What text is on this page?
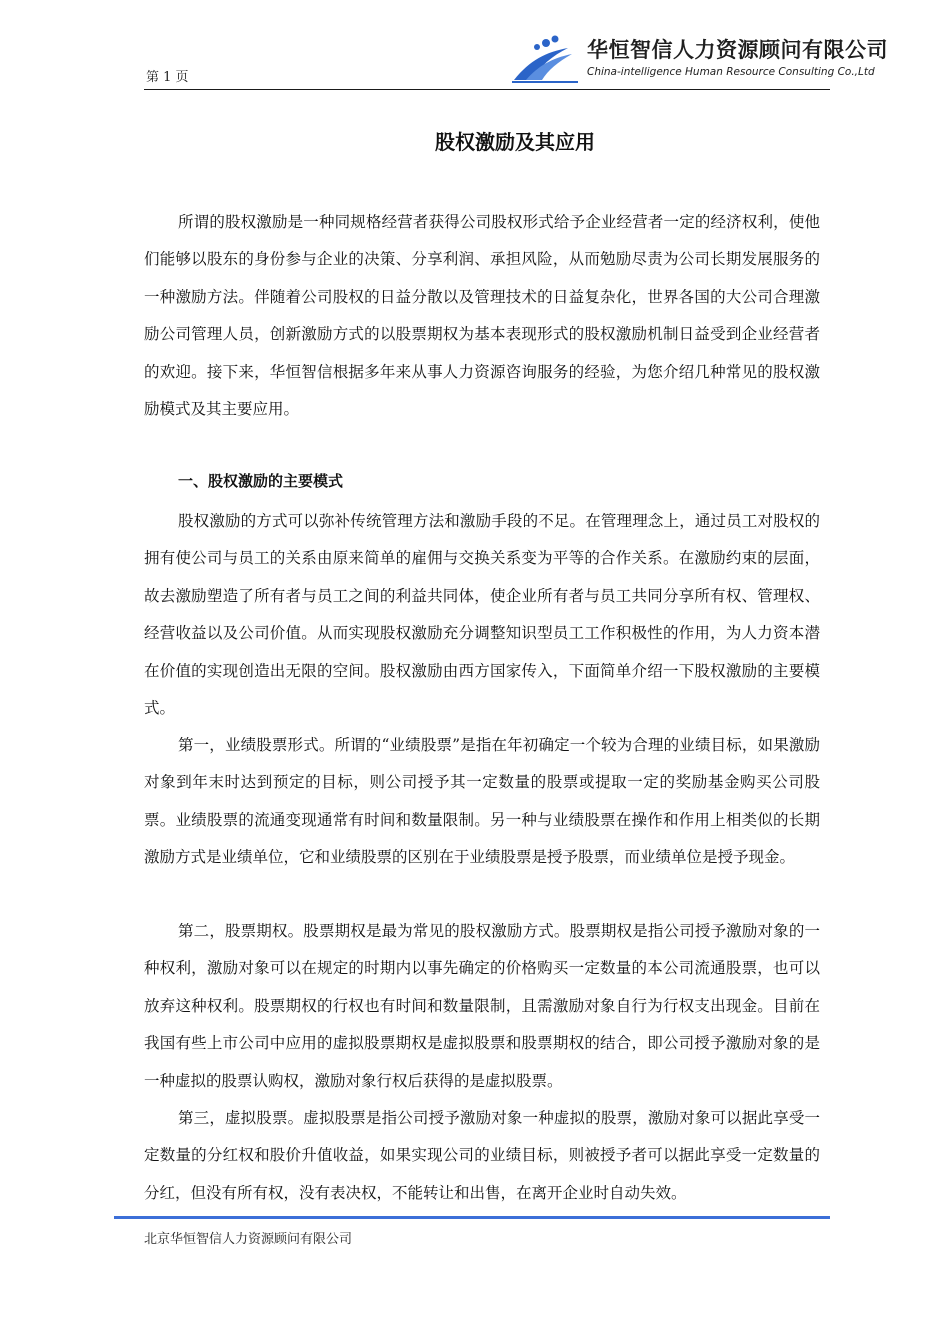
第 1 页
华恒智信人力资源顾问有限公司
China-intelligence Human Resource Consulting Co.,Ltd
股权激励及其应用

所谓的股权激励是一种同规格经营者获得公司股权形式给予企业经营者一定的经济权利，使他们能够以股东的身份参与企业的决策、分享利润、承担风险，从而勉励尽责为公司长期发展服务的一种激励方法。伴随着公司股权的日益分散以及管理技术的日益复杂化，世界各国的大公司合理激励公司管理人员，创新激励方式的以股票期权为基本表现形式的股权激励机制日益受到企业经营者的欢迎。接下来，华恒智信根据多年来从事人力资源咨询服务的经验，为您介绍几种常见的股权激励模式及其主要应用。

一、股权激励的主要模式

股权激励的方式可以弥补传统管理方法和激励手段的不足。在管理理念上，通过员工对股权的拥有使公司与员工的关系由原来简单的雇佣与交换关系变为平等的合作关系。在激励约束的层面，故去激励塑造了所有者与员工之间的利益共同体，使企业所有者与员工共同分享所有权、管理权、经营收益以及公司价值。从而实现股权激励充分调整知识型员工工作积极性的作用，为人力资本潜在价值的实现创造出无限的空间。股权激励由西方国家传入，下面简单介绍一下股权激励的主要模式。

第一，业绩股票形式。所谓的“业绩股票”是指在年初确定一个较为合理的业绩目标，如果激励对象到年末时达到预定的目标，则公司授予其一定数量的股票或提取一定的奖励基金购买公司股票。业绩股票的流通变现通常有时间和数量限制。另一种与业绩股票在操作和作用上相类似的长期激励方式是业绩单位，它和业绩股票的区别在于业绩股票是授予股票，而业绩单位是授予现金。

第二，股票期权。股票期权是最为常见的股权激励方式。股票期权是指公司授予激励对象的一种权利，激励对象可以在规定的时期内以事先确定的价格购买一定数量的本公司流通股票，也可以放弃这种权利。股票期权的行权也有时间和数量限制，且需激励对象自行为行权支出现金。目前在我国有些上市公司中应用的虚拟股票期权是虚拟股票和股票期权的结合，即公司授予激励对象的是一种虚拟的股票认购权，激励对象行权后获得的是虚拟股票。

第三，虚拟股票。虚拟股票是指公司授予激励对象一种虚拟的股票，激励对象可以据此享受一定数量的分红权和股价升值收益，如果实现公司的业绩目标，则被授予者可以据此享受一定数量的分红，但没有所有权，没有表决权，不能转让和出售，在离开企业时自动失效。

北京华恒智信人力资源顾问有限公司
